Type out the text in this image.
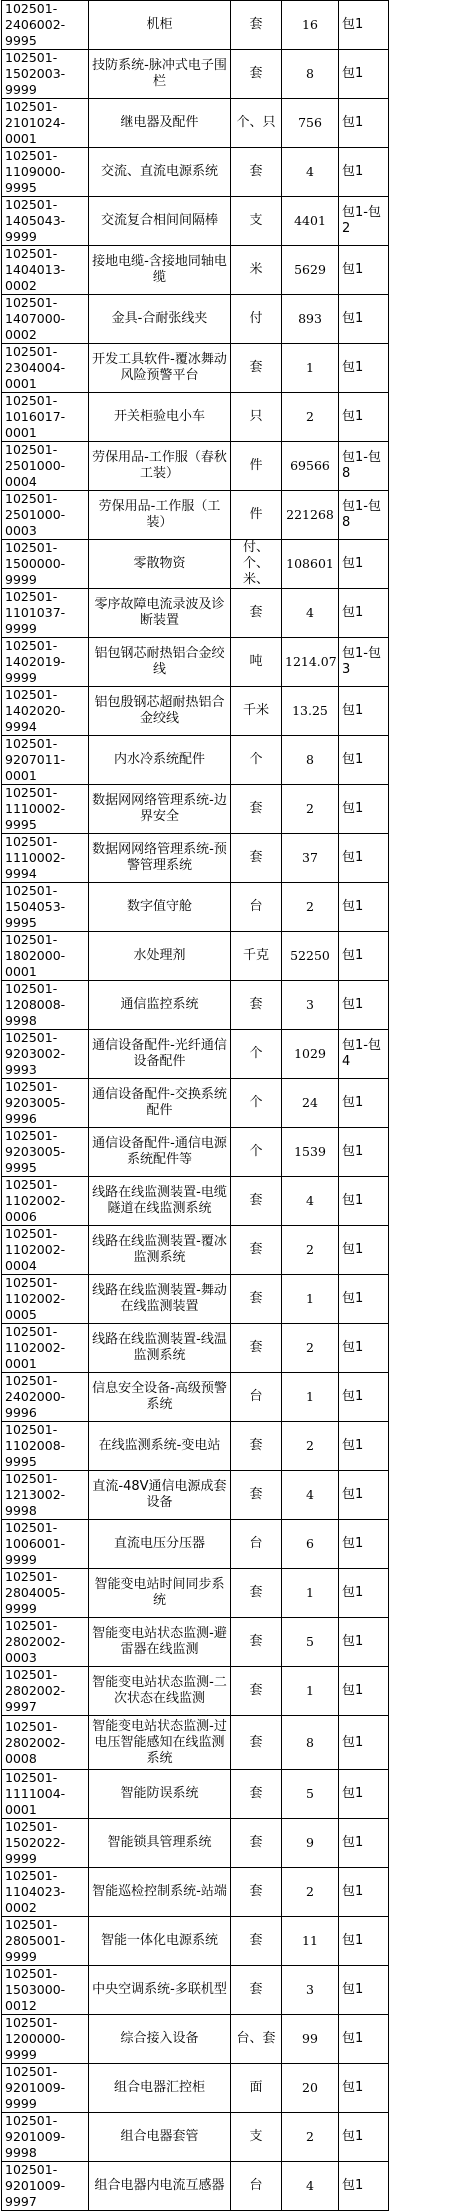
102501-2406002-9995	机柜	套	16	包1
102501-1502003-9999	技防系统-脉冲式电子围栏	套	8	包1
102501-2101024-0001	继电器及配件	个、只	756	包1
102501-1109000-9995	交流、直流电源系统	套	4	包1
102501-1405043-9999	交流复合相间间隔棒	支	4401	包1-包2
102501-1404013-0002	接地电缆-含接地同轴电缆	米	5629	包1
102501-1407000-0002	金具-合耐张线夹	付	893	包1
102501-2304004-0001	开发工具软件-覆冰舞动风险预警平台	套	1	包1
102501-1016017-0001	开关柜验电小车	只	2	包1
102501-2501000-0004	劳保用品-工作服（春秋工装）	件	69566	包1-包8
102501-2501000-0003	劳保用品-工作服（工装）	件	221268	包1-包8
102501-1500000-9999	零散物资	付、个、米、	108601	包1
102501-1101037-9999	零序故障电流录波及诊断装置	套	4	包1
102501-1402019-9999	铝包钢芯耐热铝合金绞线	吨	1214.07	包1-包3
102501-1402020-9994	铝包殷钢芯超耐热铝合金绞线	千米	13.25	包1
102501-9207011-0001	内水冷系统配件	个	8	包1
102501-1110002-9995	数据网网络管理系统-边界安全	套	2	包1
102501-1110002-9994	数据网网络管理系统-预警管理系统	套	37	包1
102501-1504053-9995	数字值守舱	台	2	包1
102501-1802000-0001	水处理剂	千克	52250	包1
102501-1208008-9998	通信监控系统	套	3	包1
102501-9203002-9993	通信设备配件-光纤通信设备配件	个	1029	包1-包4
102501-9203005-9996	通信设备配件-交换系统配件	个	24	包1
102501-9203005-9995	通信设备配件-通信电源系统配件等	个	1539	包1
102501-1102002-0006	线路在线监测装置-电缆隧道在线监测系统	套	4	包1
102501-1102002-0004	线路在线监测装置-覆冰监测系统	套	2	包1
102501-1102002-0005	线路在线监测装置-舞动在线监测装置	套	1	包1
102501-1102002-0001	线路在线监测装置-线温监测系统	套	2	包1
102501-2402000-9996	信息安全设备-高级预警系统	台	1	包1
102501-1102008-9995	在线监测系统-变电站	套	2	包1
102501-1213002-9998	直流-48V通信电源成套设备	套	4	包1
102501-1006001-9999	直流电压分压器	台	6	包1
102501-2804005-9999	智能变电站时间同步系统	套	1	包1
102501-2802002-0003	智能变电站状态监测-避雷器在线监测	套	5	包1
102501-2802002-9997	智能变电站状态监测-二次状态在线监测	套	1	包1
102501-2802002-0008	智能变电站状态监测-过电压智能感知在线监测系统	套	8	包1
102501-1111004-0001	智能防误系统	套	5	包1
102501-1502022-9999	智能锁具管理系统	套	9	包1
102501-1104023-0002	智能巡检控制系统-站端	套	2	包1
102501-2805001-9999	智能一体化电源系统	套	11	包1
102501-1503000-0012	中央空调系统-多联机型	套	3	包1
102501-1200000-9999	综合接入设备	台、套	99	包1
102501-9201009-9999	组合电器汇控柜	面	20	包1
102501-9201009-9998	组合电器套管	支	2	包1
102501-9201009-9997	组合电器内电流互感器	台	4	包1
